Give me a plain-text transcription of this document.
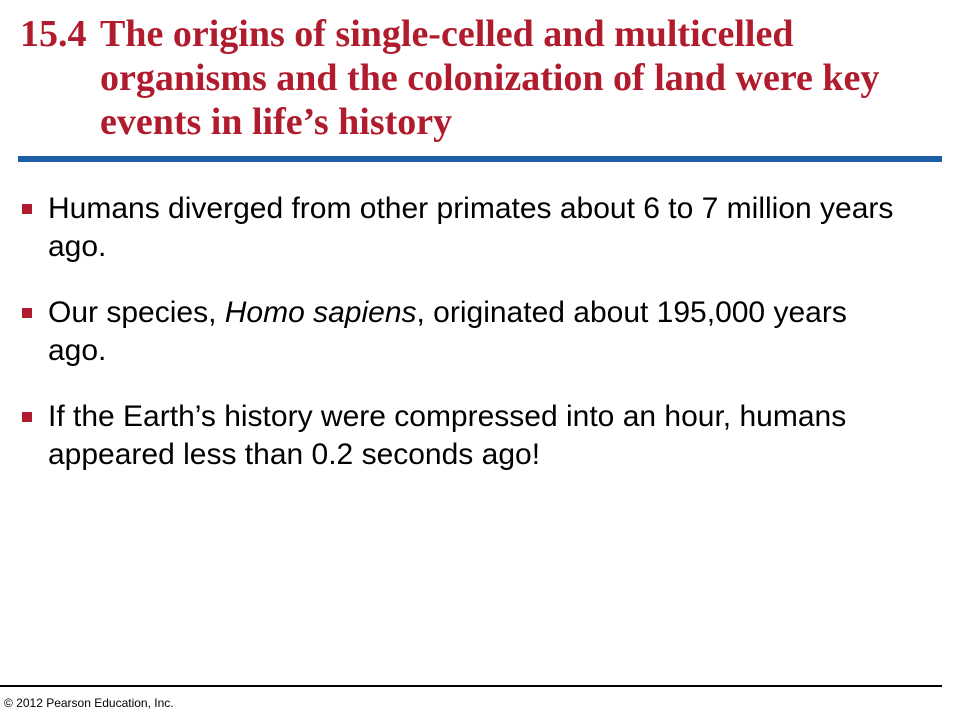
15.4 The origins of single-celled and multicelled organisms and the colonization of land were key events in life’s history
Humans diverged from other primates about 6 to 7 million years ago.
Our species, Homo sapiens, originated about 195,000 years ago.
If the Earth’s history were compressed into an hour, humans appeared less than 0.2 seconds ago!
© 2012 Pearson Education, Inc.
